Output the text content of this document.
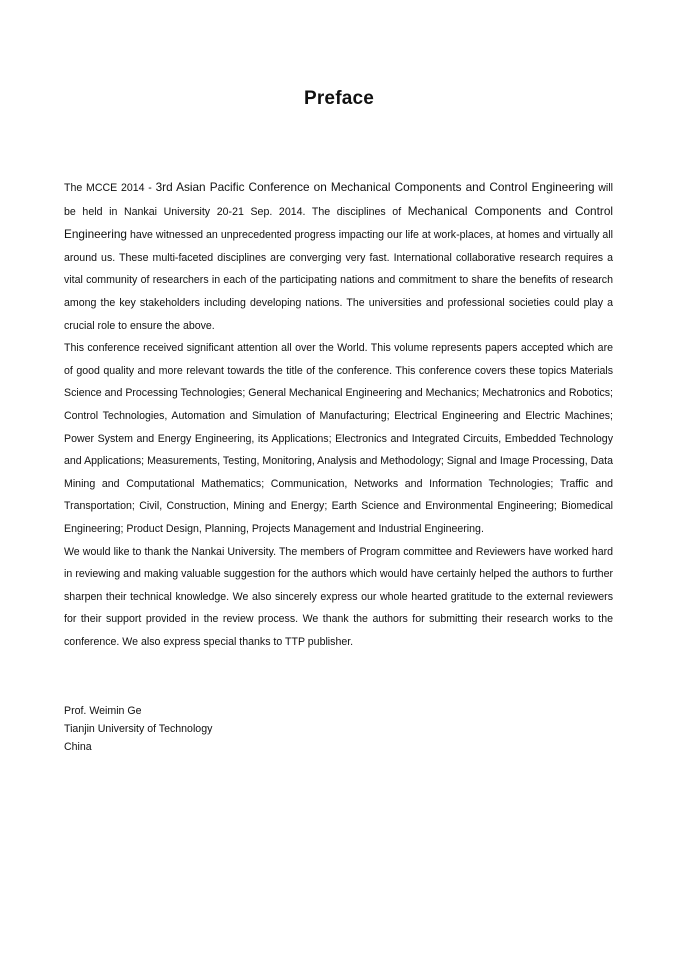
Preface

The MCCE 2014 - 3rd Asian Pacific Conference on Mechanical Components and Control Engineering will be held in Nankai University 20-21 Sep. 2014. The disciplines of Mechanical Components and Control Engineering have witnessed an unprecedented progress impacting our life at work-places, at homes and virtually all around us. These multi-faceted disciplines are converging very fast. International collaborative research requires a vital community of researchers in each of the participating nations and commitment to share the benefits of research among the key stakeholders including developing nations. The universities and professional societies could play a crucial role to ensure the above.

This conference received significant attention all over the World. This volume represents papers accepted which are of good quality and more relevant towards the title of the conference. This conference covers these topics Materials Science and Processing Technologies; General Mechanical Engineering and Mechanics; Mechatronics and Robotics; Control Technologies, Automation and Simulation of Manufacturing; Electrical Engineering and Electric Machines; Power System and Energy Engineering, its Applications; Electronics and Integrated Circuits, Embedded Technology and Applications; Measurements, Testing, Monitoring, Analysis and Methodology; Signal and Image Processing, Data Mining and Computational Mathematics; Communication, Networks and Information Technologies; Traffic and Transportation; Civil, Construction, Mining and Energy; Earth Science and Environmental Engineering; Biomedical Engineering; Product Design, Planning, Projects Management and Industrial Engineering.

We would like to thank the Nankai University. The members of Program committee and Reviewers have worked hard in reviewing and making valuable suggestion for the authors which would have certainly helped the authors to further sharpen their technical knowledge. We also sincerely express our whole hearted gratitude to the external reviewers for their support provided in the review process. We thank the authors for submitting their research works to the conference. We also express special thanks to TTP publisher.

Prof. Weimin Ge
Tianjin University of Technology
China
